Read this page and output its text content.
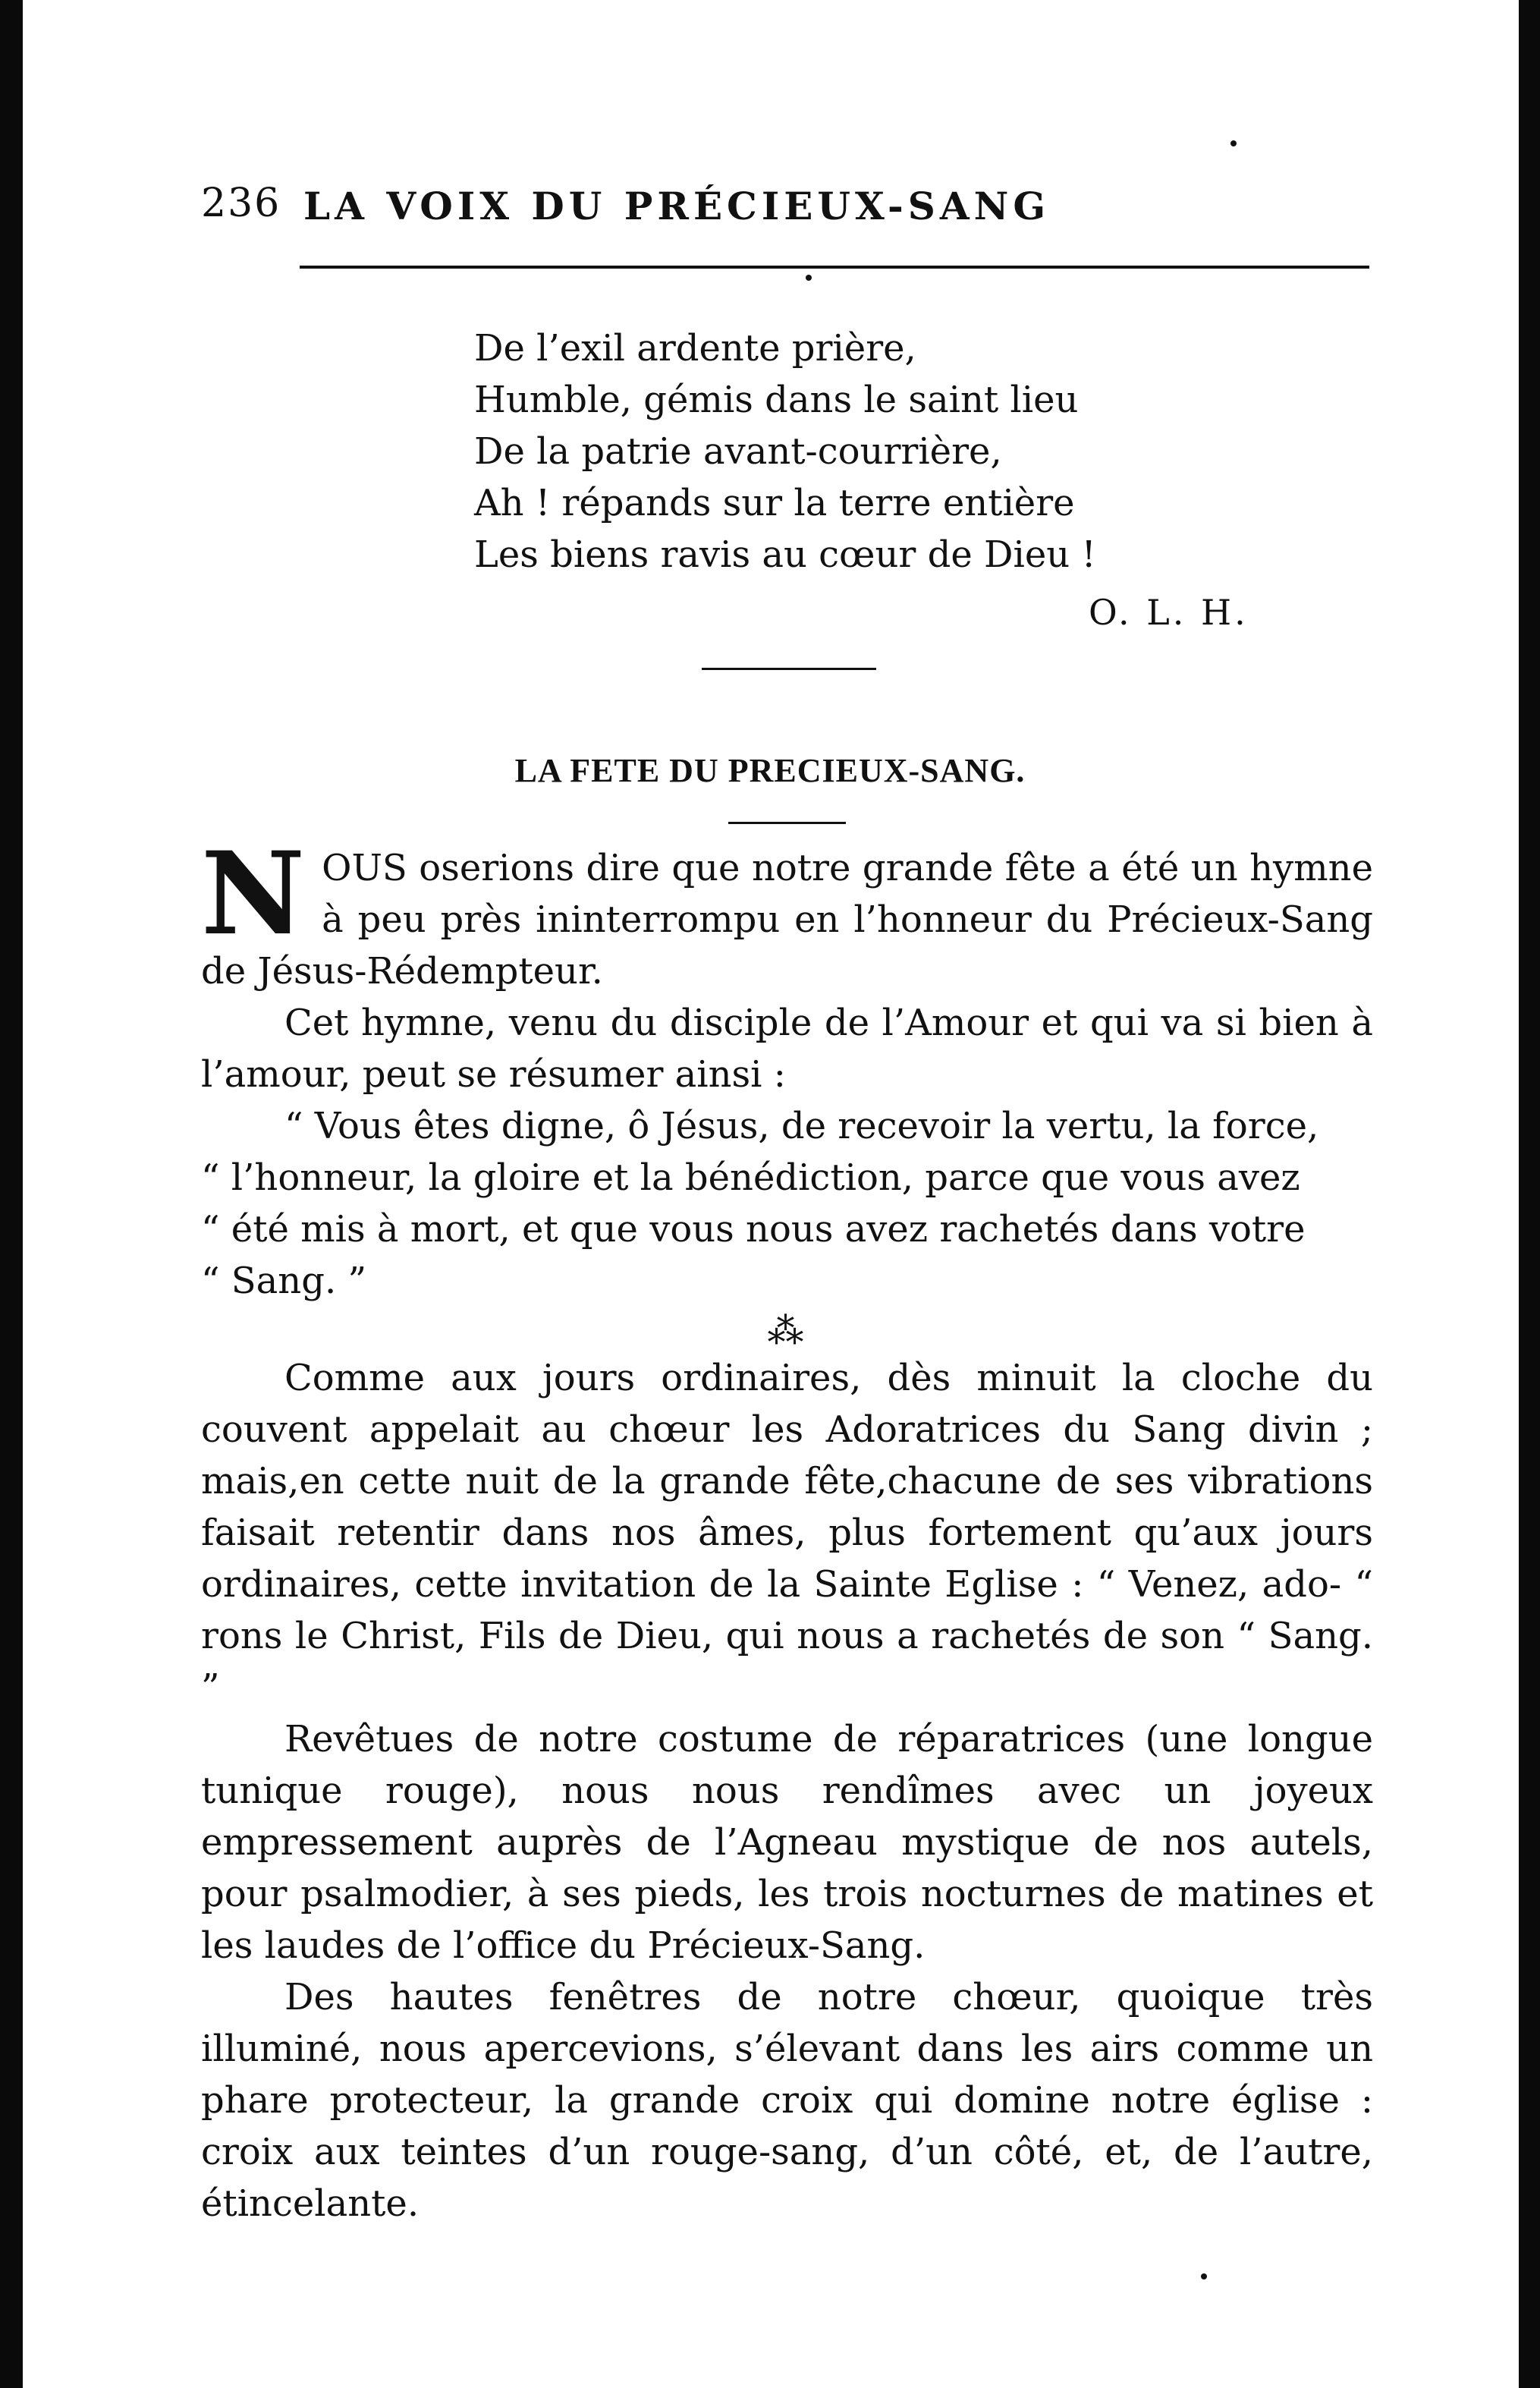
236 LA VOIX DU PRÉCIEUX-SANG
De l’exil ardente prière,
Humble, gémis dans le saint lieu
De la patrie avant-courrière,
Ah ! répands sur la terre entière
Les biens ravis au cœur de Dieu !
O. L. H.
LA FETE DU PRECIEUX-SANG.

NOUS oserions dire que notre grande fête a été un hymne à peu près ininterrompu en l’honneur du Précieux-Sang de Jésus-Rédempteur.

Cet hymne, venu du disciple de l’Amour et qui va si bien à l’amour, peut se résumer ainsi :

“ Vous êtes digne, ô Jésus, de recevoir la vertu, la force,

“ l’honneur, la gloire et la bénédiction, parce que vous avez

“ été mis à mort, et que vous nous avez rachetés dans votre

“ Sang. ”

⁂

Comme aux jours ordinaires, dès minuit la cloche du couvent appelait au chœur les Adoratrices du Sang divin ; mais,en cette nuit de la grande fête,chacune de ses vibrations faisait retentir dans nos âmes, plus fortement qu’aux jours ordinaires, cette invitation de la Sainte Eglise : “ Venez, ado- “ rons le Christ, Fils de Dieu, qui nous a rachetés de son “ Sang. ”

Revêtues de notre costume de réparatrices (une longue tunique rouge), nous nous rendîmes avec un joyeux empressement auprès de l’Agneau mystique de nos autels, pour psalmodier, à ses pieds, les trois nocturnes de matines et les laudes de l’office du Précieux-Sang.

Des hautes fenêtres de notre chœur, quoique très illuminé, nous apercevions, s’élevant dans les airs comme un phare protecteur, la grande croix qui domine notre église : croix aux teintes d’un rouge-sang, d’un côté, et, de l’autre, étincelante.
